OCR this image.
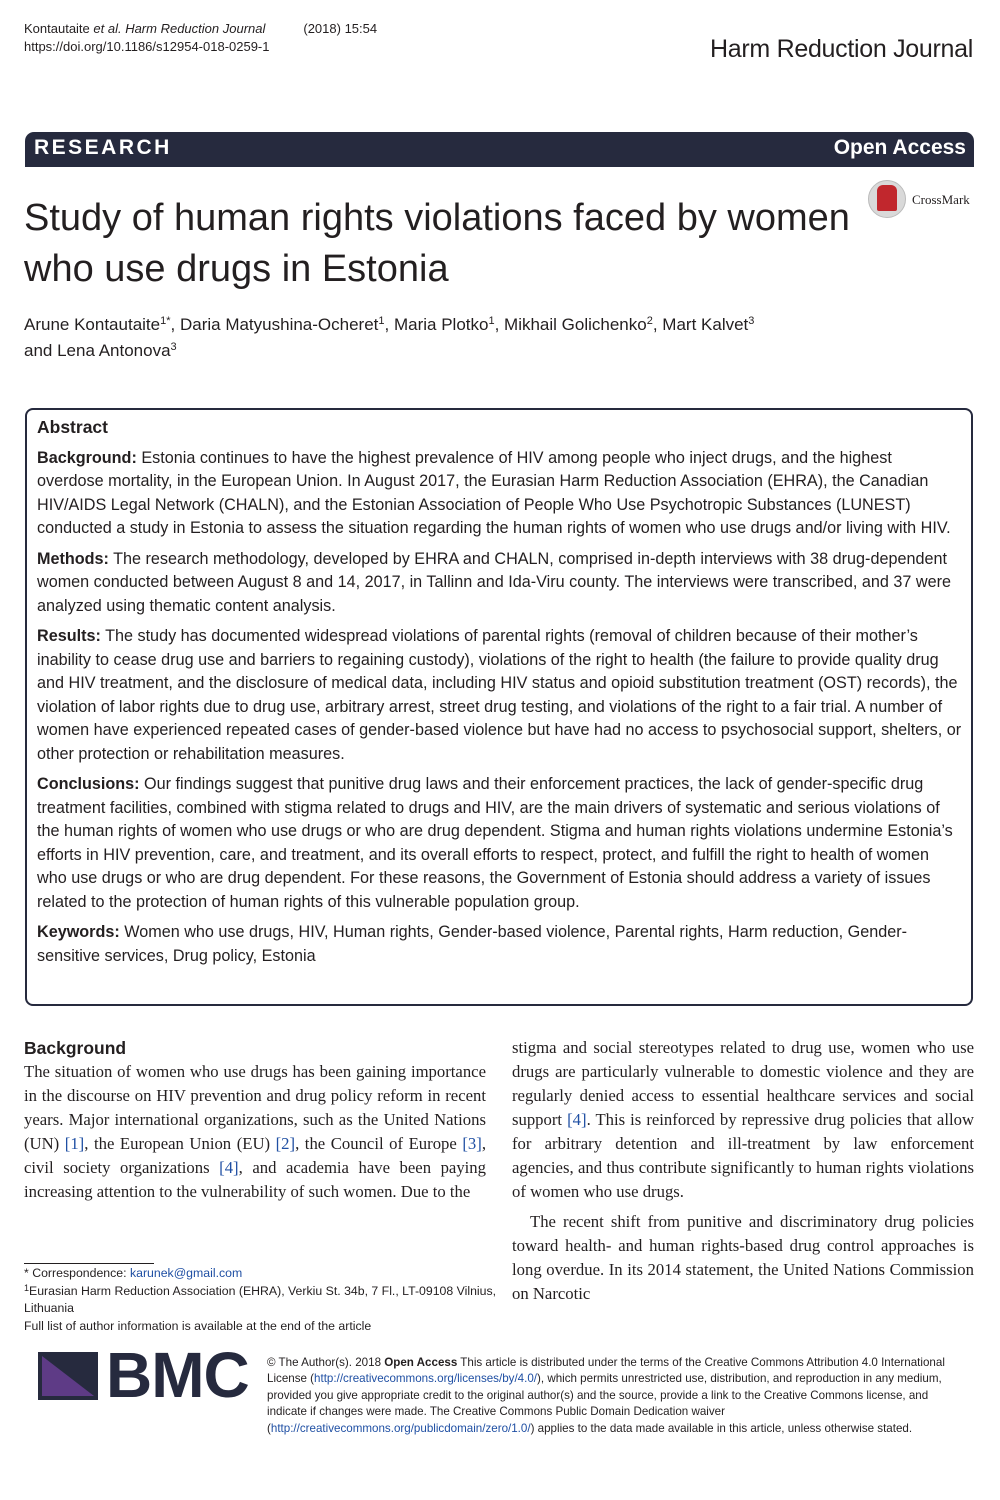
Kontautaite et al. Harm Reduction Journal	(2018) 15:54
https://doi.org/10.1186/s12954-018-0259-1	Harm Reduction Journal
RESEARCH	Open Access
CrossMark
Study of human rights violations faced by women who use drugs in Estonia
Arune Kontautaite$^{1*}$, Daria Matyushina-Ocheret$^1$, Maria Plotko$^1$, Mikhail Golichenko$^2$, Mart Kalvet$^3$
and Lena Antonova$^3$
Abstract

Background: Estonia continues to have the highest prevalence of HIV among people who inject drugs, and the highest overdose mortality, in the European Union. In August 2017, the Eurasian Harm Reduction Association (EHRA), the Canadian HIV/AIDS Legal Network (CHALN), and the Estonian Association of People Who Use Psychotropic Substances (LUNEST) conducted a study in Estonia to assess the situation regarding the human rights of women who use drugs and/or living with HIV.

Methods: The research methodology, developed by EHRA and CHALN, comprised in-depth interviews with 38 drug-dependent women conducted between August 8 and 14, 2017, in Tallinn and Ida-Viru county. The interviews were transcribed, and 37 were analyzed using thematic content analysis.

Results: The study has documented widespread violations of parental rights (removal of children because of their mother’s inability to cease drug use and barriers to regaining custody), violations of the right to health (the failure to provide quality drug and HIV treatment, and the disclosure of medical data, including HIV status and opioid substitution treatment (OST) records), the violation of labor rights due to drug use, arbitrary arrest, street drug testing, and violations of the right to a fair trial. A number of women have experienced repeated cases of gender-based violence but have had no access to psychosocial support, shelters, or other protection or rehabilitation measures.

Conclusions: Our findings suggest that punitive drug laws and their enforcement practices, the lack of gender-specific drug treatment facilities, combined with stigma related to drugs and HIV, are the main drivers of systematic and serious violations of the human rights of women who use drugs or who are drug dependent. Stigma and human rights violations undermine Estonia’s efforts in HIV prevention, care, and treatment, and its overall efforts to respect, protect, and fulfill the right to health of women who use drugs or who are drug dependent. For these reasons, the Government of Estonia should address a variety of issues related to the protection of human rights of this vulnerable population group.

Keywords: Women who use drugs, HIV, Human rights, Gender-based violence, Parental rights, Harm reduction, Gender-sensitive services, Drug policy, Estonia

Background

The situation of women who use drugs has been gaining importance in the discourse on HIV prevention and drug policy reform in recent years. Major international organizations, such as the United Nations (UN) [1], the European Union (EU) [2], the Council of Europe [3], civil society organizations [4], and academia have been paying increasing attention to the vulnerability of such women. Due to the

stigma and social stereotypes related to drug use, women who use drugs are particularly vulnerable to domestic violence and they are regularly denied access to essential healthcare services and social support [4]. This is reinforced by repressive drug policies that allow for arbitrary detention and ill-treatment by law enforcement agencies, and thus contribute significantly to human rights violations of women who use drugs.

The recent shift from punitive and discriminatory drug policies toward health- and human rights-based drug control approaches is long overdue. In its 2014 statement, the United Nations Commission on Narcotic

* Correspondence: karunek@gmail.com

$^1$Eurasian Harm Reduction Association (EHRA), Verkiu St. 34b, 7 Fl., LT-09108 Vilnius, Lithuania

Full list of author information is available at the end of the article

BMC © The Author(s). 2018 Open Access This article is distributed under the terms of the Creative Commons Attribution 4.0 International License (http://creativecommons.org/licenses/by/4.0/), which permits unrestricted use, distribution, and reproduction in any medium, provided you give appropriate credit to the original author(s) and the source, provide a link to the Creative Commons license, and indicate if changes were made. The Creative Commons Public Domain Dedication waiver (http://creativecommons.org/publicdomain/zero/1.0/) applies to the data made available in this article, unless otherwise stated.
